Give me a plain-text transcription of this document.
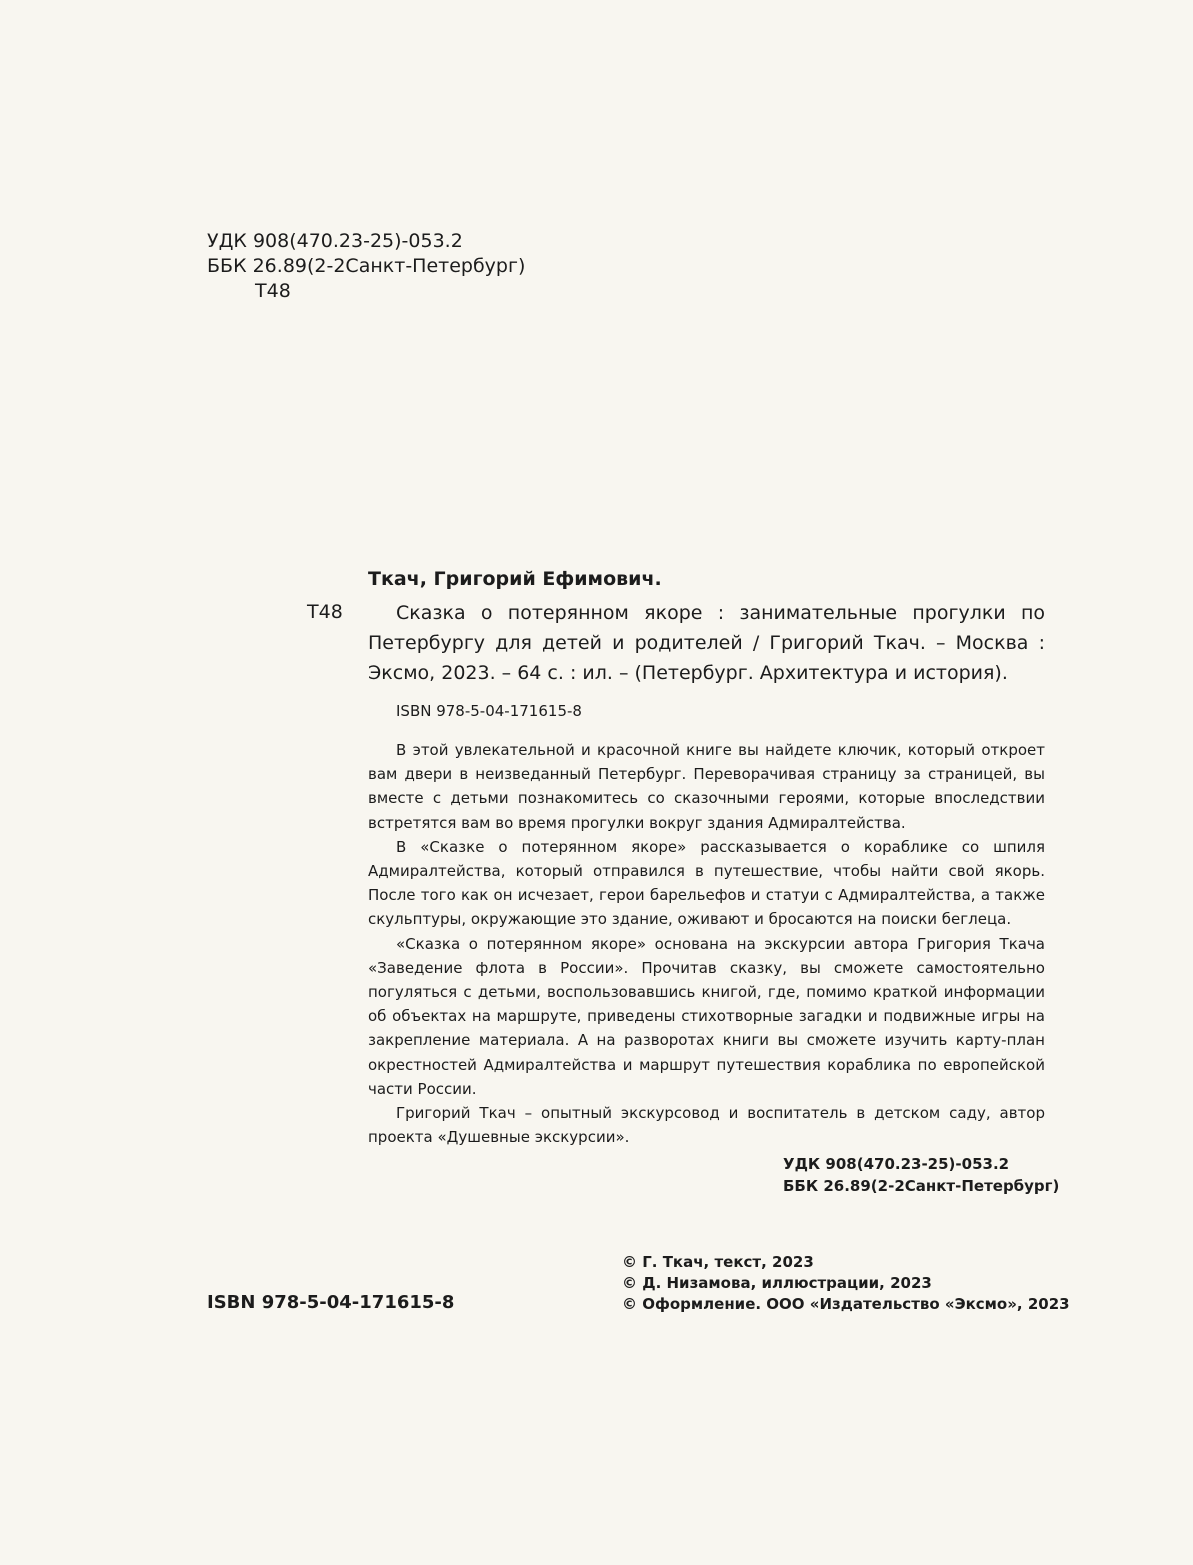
УДК 908(470.23-25)-053.2
ББК 26.89(2-2Санкт-Петербург)
Т48
Ткач, Григорий Ефимович.
Т48	Сказка о потерянном якоре : занимательные прогулки по Петербургу для детей и родителей / Григорий Ткач. – Москва : Эксмо, 2023. – 64 с. : ил. – (Петербург. Архитектура и история).
ISBN 978-5-04-171615-8

В этой увлекательной и красочной книге вы найдете ключик, который откроет вам двери в неизведанный Петербург. Переворачивая страницу за страницей, вы вместе с детьми познакомитесь со сказочными героями, которые впоследствии встретятся вам во время прогулки вокруг здания Адмиралтейства.

В «Сказке о потерянном якоре» рассказывается о кораблике со шпиля Адмиралтейства, который отправился в путешествие, чтобы найти свой якорь. После того как он исчезает, герои барельефов и статуи с Адмиралтейства, а также скульптуры, окружающие это здание, оживают и бросаются на поиски беглеца.

«Сказка о потерянном якоре» основана на экскурсии автора Григория Ткача «Заведение флота в России». Прочитав сказку, вы сможете самостоятельно погуляться с детьми, воспользовавшись книгой, где, помимо краткой информации об объектах на маршруте, приведены стихотворные загадки и подвижные игры на закрепление материала. А на разворотах книги вы сможете изучить карту-план окрестностей Адмиралтейства и маршрут путешествия кораблика по европейской части России.

Григорий Ткач – опытный экскурсовод и воспитатель в детском саду, автор проекта «Душевные экскурсии».

УДК 908(470.23-25)-053.2
ББК 26.89(2-2Санкт-Петербург)
ISBN 978-5-04-171615-8
© Г. Ткач, текст, 2023
© Д. Низамова, иллюстрации, 2023
© Оформление. ООО «Издательство «Эксмо», 2023
